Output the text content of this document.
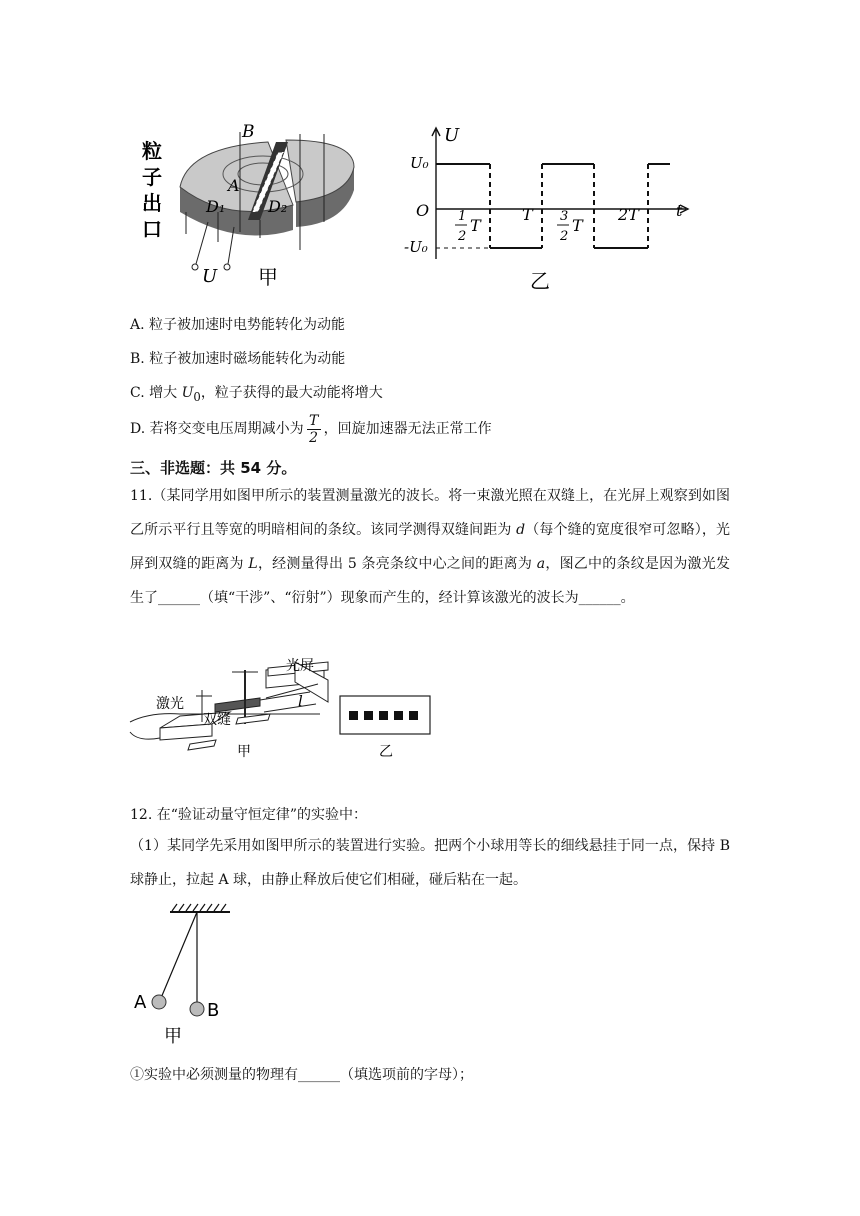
粒
子
出
口
B
A
D₁	D₂
U 甲
U
t
O
U₀
-U₀
1
2
T
T 3
2
T
2T
乙
A. 粒子被加速时电势能转化为动能
B. 粒子被加速时磁场能转化为动能
C. 增大 $U_0$，粒子获得的最大动能将增大
D. 若将交变电压周期减小为 $\frac{T}{2}$ ，回旋加速器无法正常工作
三、非选题：共 54 分。
11.（某同学用如图甲所示的装置测量激光的波长。将一束激光照在双缝上，在光屏上观察到如图乙所示平行且等宽的明暗相间的条纹。该同学测得双缝间距为 d（每个缝的宽度很窄可忽略），光屏到双缝的距离为 L，经测量得出 5 条亮条纹中心之间的距离为 a，图乙中的条纹是因为激光发生了______（填“干涉”、“衍射”）现象而产生的，经计算该激光的波长为______。
光屏
l
激光
双缝
甲	乙
12. 在“验证动量守恒定律”的实验中：
（1）某同学先采用如图甲所示的装置进行实验。把两个小球用等长的细线悬挂于同一点，保持 B 球静止，拉起 A 球，由静止释放后使它们相碰，碰后粘在一起。
A	B
甲
①实验中必须测量的物理有______（填选项前的字母）；
